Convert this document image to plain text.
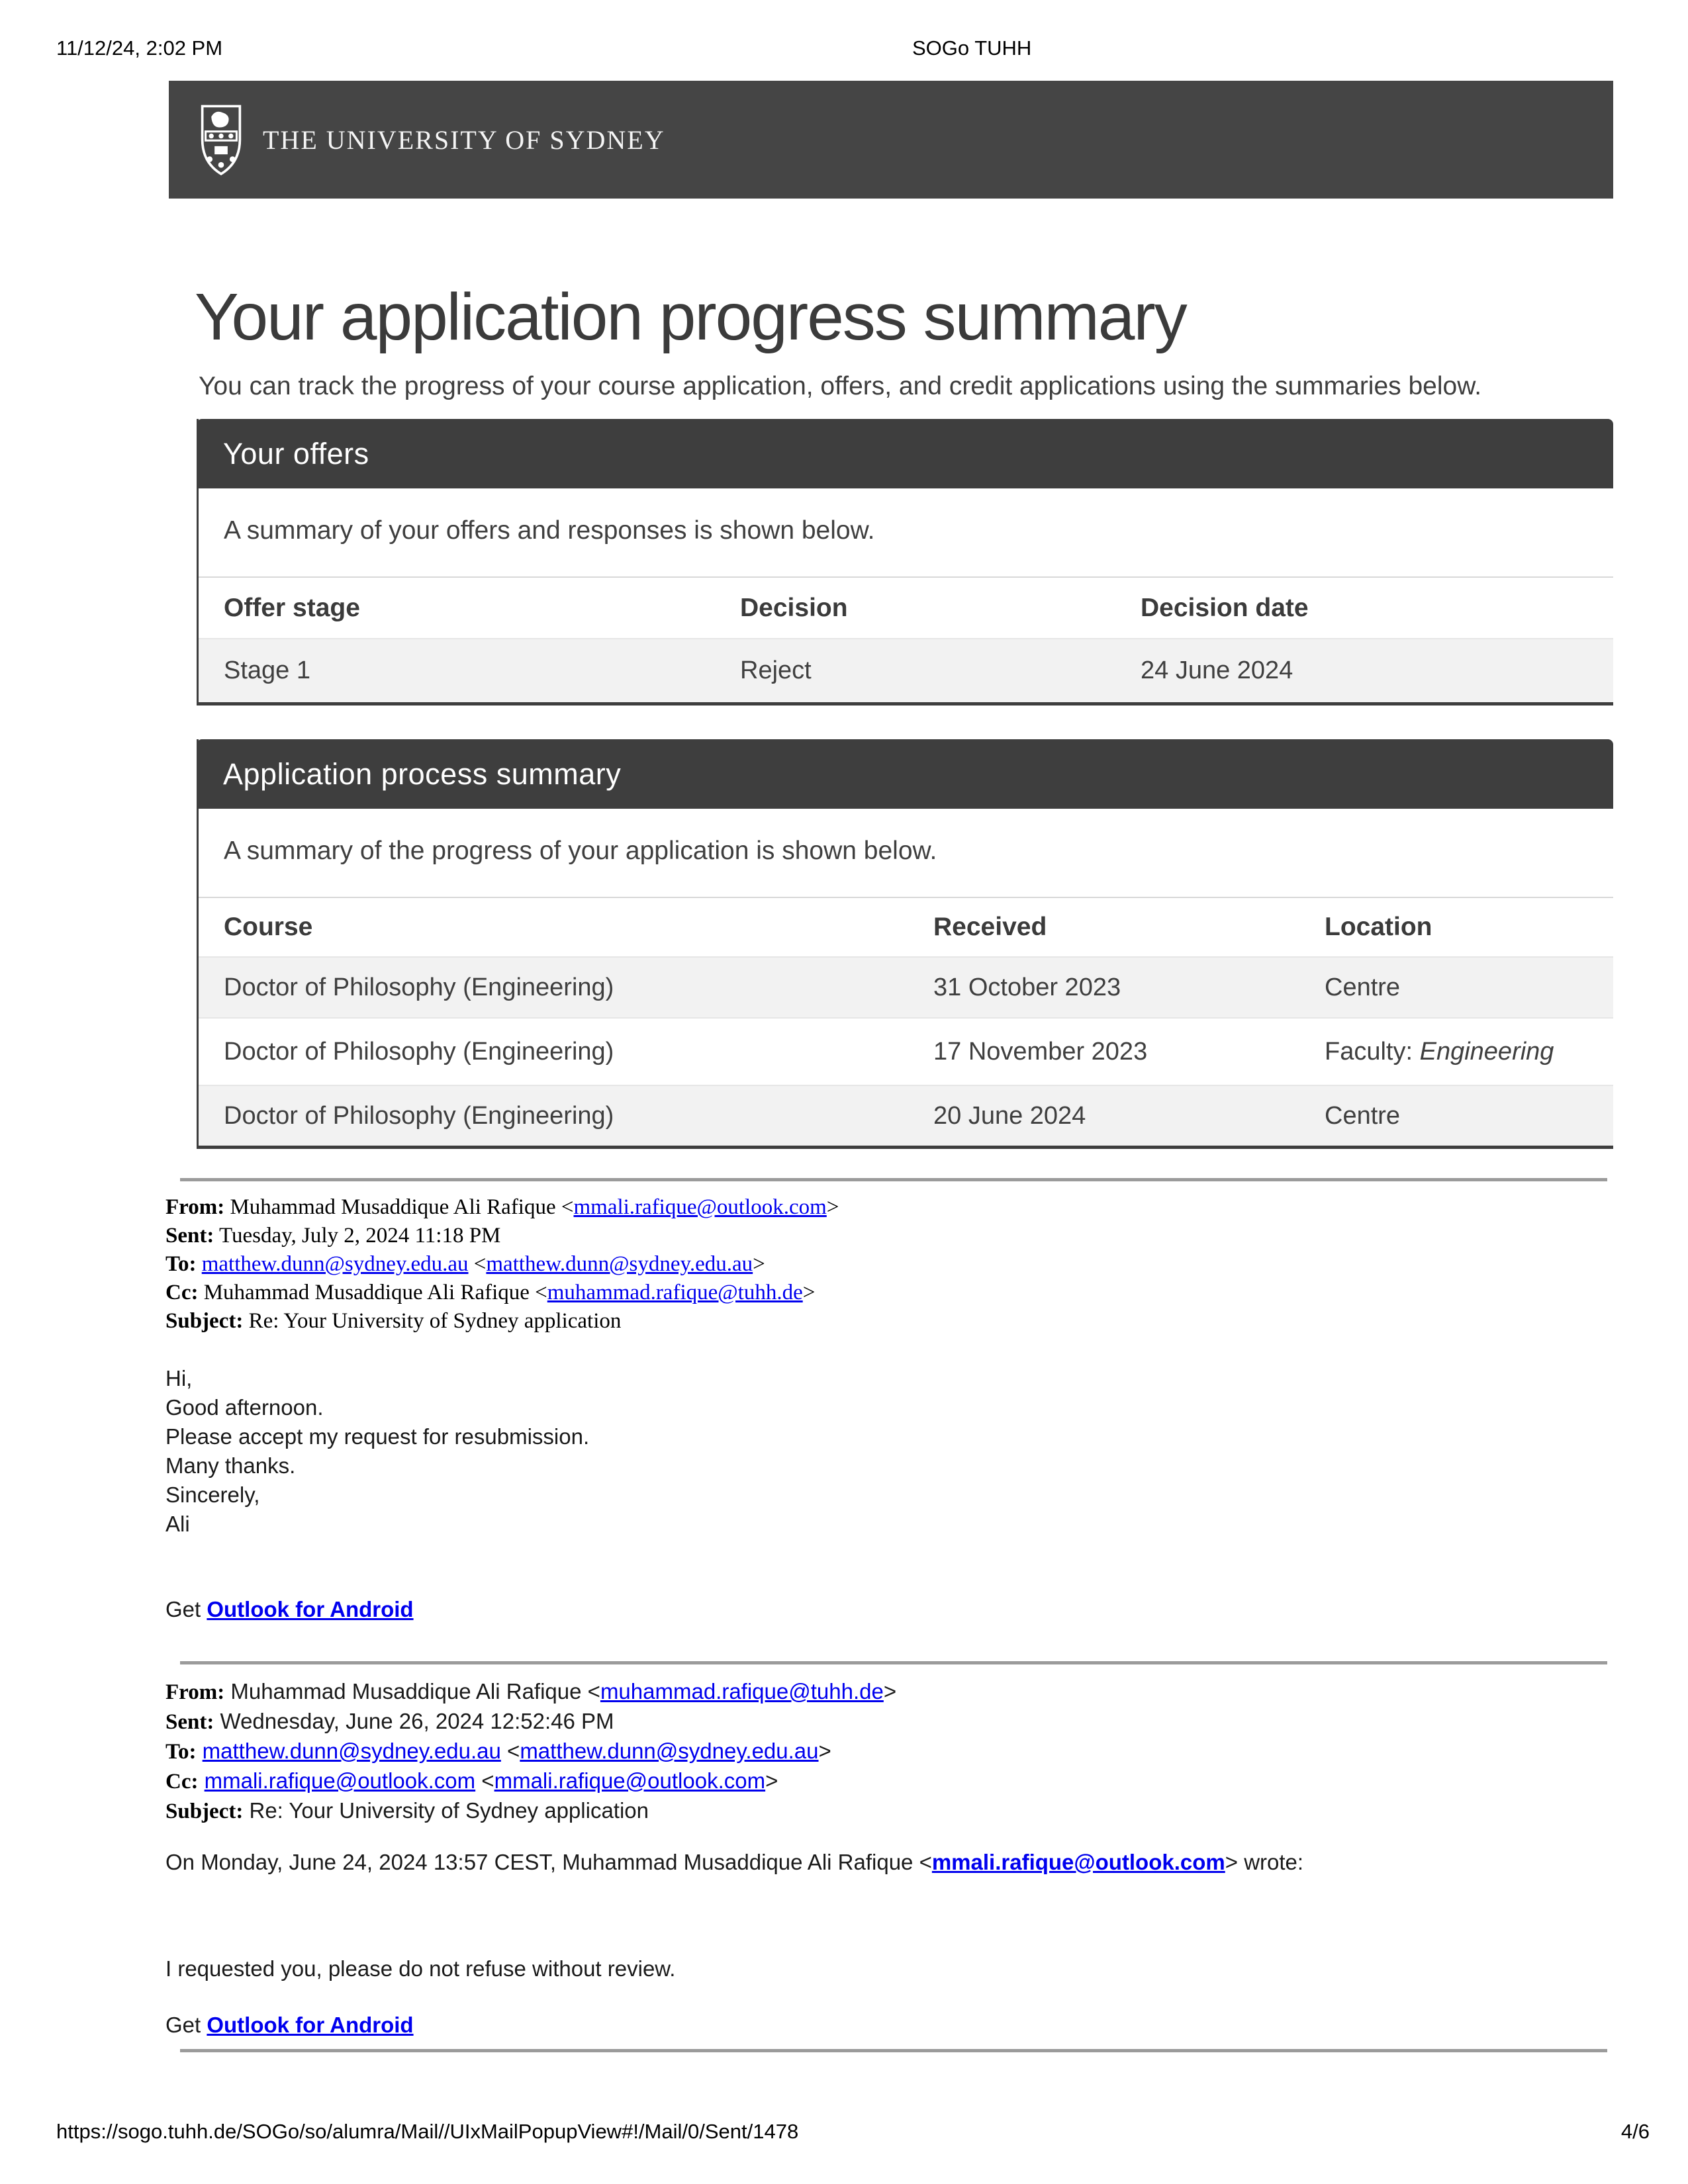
11/12/24, 2:02 PM	SOGo TUHH
THE UNIVERSITY OF SYDNEY
Your application progress summary
You can track the progress of your course application, offers, and credit applications using the summaries below.
Your offers
A summary of your offers and responses is shown below.
Offer stage	Decision	Decision date
Stage 1	Reject	24 June 2024
Application process summary
A summary of the progress of your application is shown below.
Course	Received	Location
Doctor of Philosophy (Engineering)	31 October 2023	Centre
Doctor of Philosophy (Engineering)	17 November 2023	Faculty: Engineering
Doctor of Philosophy (Engineering)	20 June 2024	Centre
From: Muhammad Musaddique Ali Rafique <mmali.rafique@outlook.com>
Sent: Tuesday, July 2, 2024 11:18 PM
To: matthew.dunn@sydney.edu.au <matthew.dunn@sydney.edu.au>
Cc: Muhammad Musaddique Ali Rafique <muhammad.rafique@tuhh.de>
Subject: Re: Your University of Sydney application
Hi,
Good afternoon.
Please accept my request for resubmission.
Many thanks.
Sincerely,
Ali
Get Outlook for Android
From: Muhammad Musaddique Ali Rafique <muhammad.rafique@tuhh.de>
Sent: Wednesday, June 26, 2024 12:52:46 PM
To: matthew.dunn@sydney.edu.au <matthew.dunn@sydney.edu.au>
Cc: mmali.rafique@outlook.com <mmali.rafique@outlook.com>
Subject: Re: Your University of Sydney application
On Monday, June 24, 2024 13:57 CEST, Muhammad Musaddique Ali Rafique <mmali.rafique@outlook.com> wrote:
I requested you, please do not refuse without review.
Get Outlook for Android
https://sogo.tuhh.de/SOGo/so/alumra/Mail//UIxMailPopupView#!/Mail/0/Sent/1478	4/6
